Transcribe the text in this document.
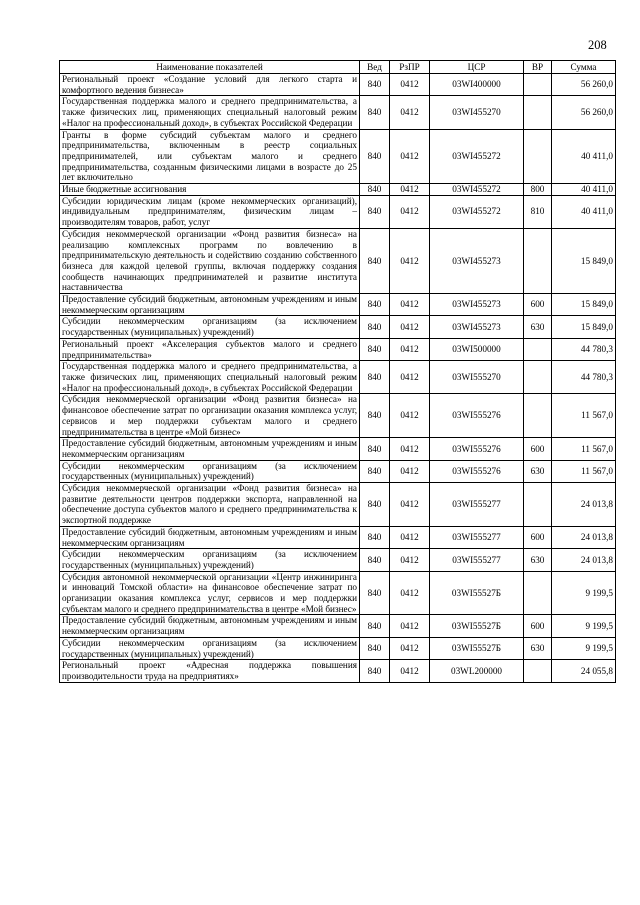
208
Наименование показателей	Вед	РзПР	ЦСР	ВР	Сумма
Региональный проект «Создание условий для легкого старта и комфортного ведения бизнеса»	840	0412	03WI400000		56 260,0
Государственная поддержка малого и среднего предпринимательства, а также физических лиц, применяющих специальный налоговый режим «Налог на профессиональный доход», в субъектах Российской Федерации	840	0412	03WI455270		56 260,0
Гранты в форме субсидий субъектам малого и среднего предпринимательства, включенным в реестр социальных предпринимателей, или субъектам малого и среднего предпринимательства, созданным физическими лицами в возрасте до 25 лет включительно	840	0412	03WI455272		40 411,0
Иные бюджетные ассигнования	840	0412	03WI455272	800	40 411,0
Субсидии юридическим лицам (кроме некоммерческих организаций), индивидуальным предпринимателям, физическим лицам – производителям товаров, работ, услуг	840	0412	03WI455272	810	40 411,0
Субсидия некоммерческой организации «Фонд развития бизнеса» на реализацию комплексных программ по вовлечению в предпринимательскую деятельность и содействию созданию собственного бизнеса для каждой целевой группы, включая поддержку создания сообществ начинающих предпринимателей и развитие института наставничества	840	0412	03WI455273		15 849,0
Предоставление субсидий бюджетным, автономным учреждениям и иным некоммерческим организациям	840	0412	03WI455273	600	15 849,0
Субсидии некоммерческим организациям (за исключением государственных (муниципальных) учреждений)	840	0412	03WI455273	630	15 849,0
Региональный проект «Акселерация субъектов малого и среднего предпринимательства»	840	0412	03WI500000		44 780,3
Государственная поддержка малого и среднего предпринимательства, а также физических лиц, применяющих специальный налоговый режим «Налог на профессиональный доход», в субъектах Российской Федерации	840	0412	03WI555270		44 780,3
Субсидия некоммерческой организации «Фонд развития бизнеса» на финансовое обеспечение затрат по организации оказания комплекса услуг, сервисов и мер поддержки субъектам малого и среднего предпринимательства в центре «Мой бизнес»	840	0412	03WI555276		11 567,0
Предоставление субсидий бюджетным, автономным учреждениям и иным некоммерческим организациям	840	0412	03WI555276	600	11 567,0
Субсидии некоммерческим организациям (за исключением государственных (муниципальных) учреждений)	840	0412	03WI555276	630	11 567,0
Субсидия некоммерческой организации «Фонд развития бизнеса» на развитие деятельности центров поддержки экспорта, направленной на обеспечение доступа субъектов малого и среднего предпринимательства к экспортной поддержке	840	0412	03WI555277		24 013,8
Предоставление субсидий бюджетным, автономным учреждениям и иным некоммерческим организациям	840	0412	03WI555277	600	24 013,8
Субсидии некоммерческим организациям (за исключением государственных (муниципальных) учреждений)	840	0412	03WI555277	630	24 013,8
Субсидия автономной некоммерческой организации «Центр инжиниринга и инноваций Томской области» на финансовое обеспечение затрат по организации оказания комплекса услуг, сервисов и мер поддержки субъектам малого и среднего предпринимательства в центре «Мой бизнес»	840	0412	03WI55527Б		9 199,5
Предоставление субсидий бюджетным, автономным учреждениям и иным некоммерческим организациям	840	0412	03WI55527Б	600	9 199,5
Субсидии некоммерческим организациям (за исключением государственных (муниципальных) учреждений)	840	0412	03WI55527Б	630	9 199,5
Региональный проект «Адресная поддержка повышения производительности труда на предприятиях»	840	0412	03WL200000		24 055,8
